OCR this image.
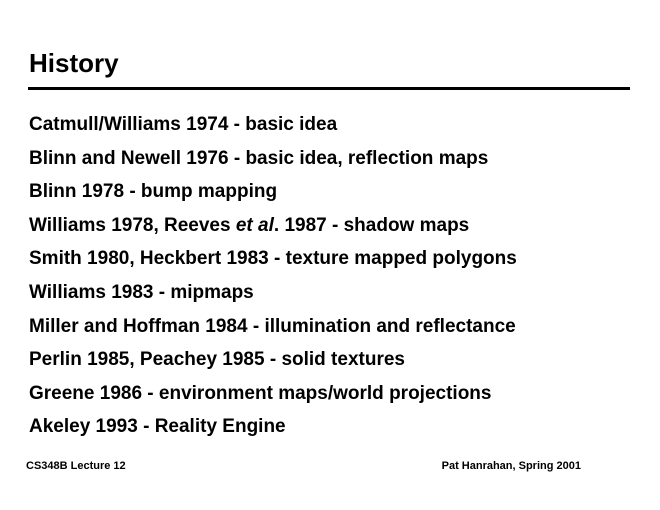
History
Catmull/Williams 1974 - basic idea
Blinn and Newell 1976 - basic idea, reflection maps
Blinn 1978 - bump mapping
Williams 1978, Reeves et al. 1987 - shadow maps
Smith 1980, Heckbert 1983 - texture mapped polygons
Williams 1983 - mipmaps
Miller and Hoffman 1984 - illumination and reflectance
Perlin 1985, Peachey 1985 - solid textures
Greene 1986 - environment maps/world projections
Akeley 1993 - Reality Engine
CS348B Lecture 12	Pat Hanrahan, Spring 2001
